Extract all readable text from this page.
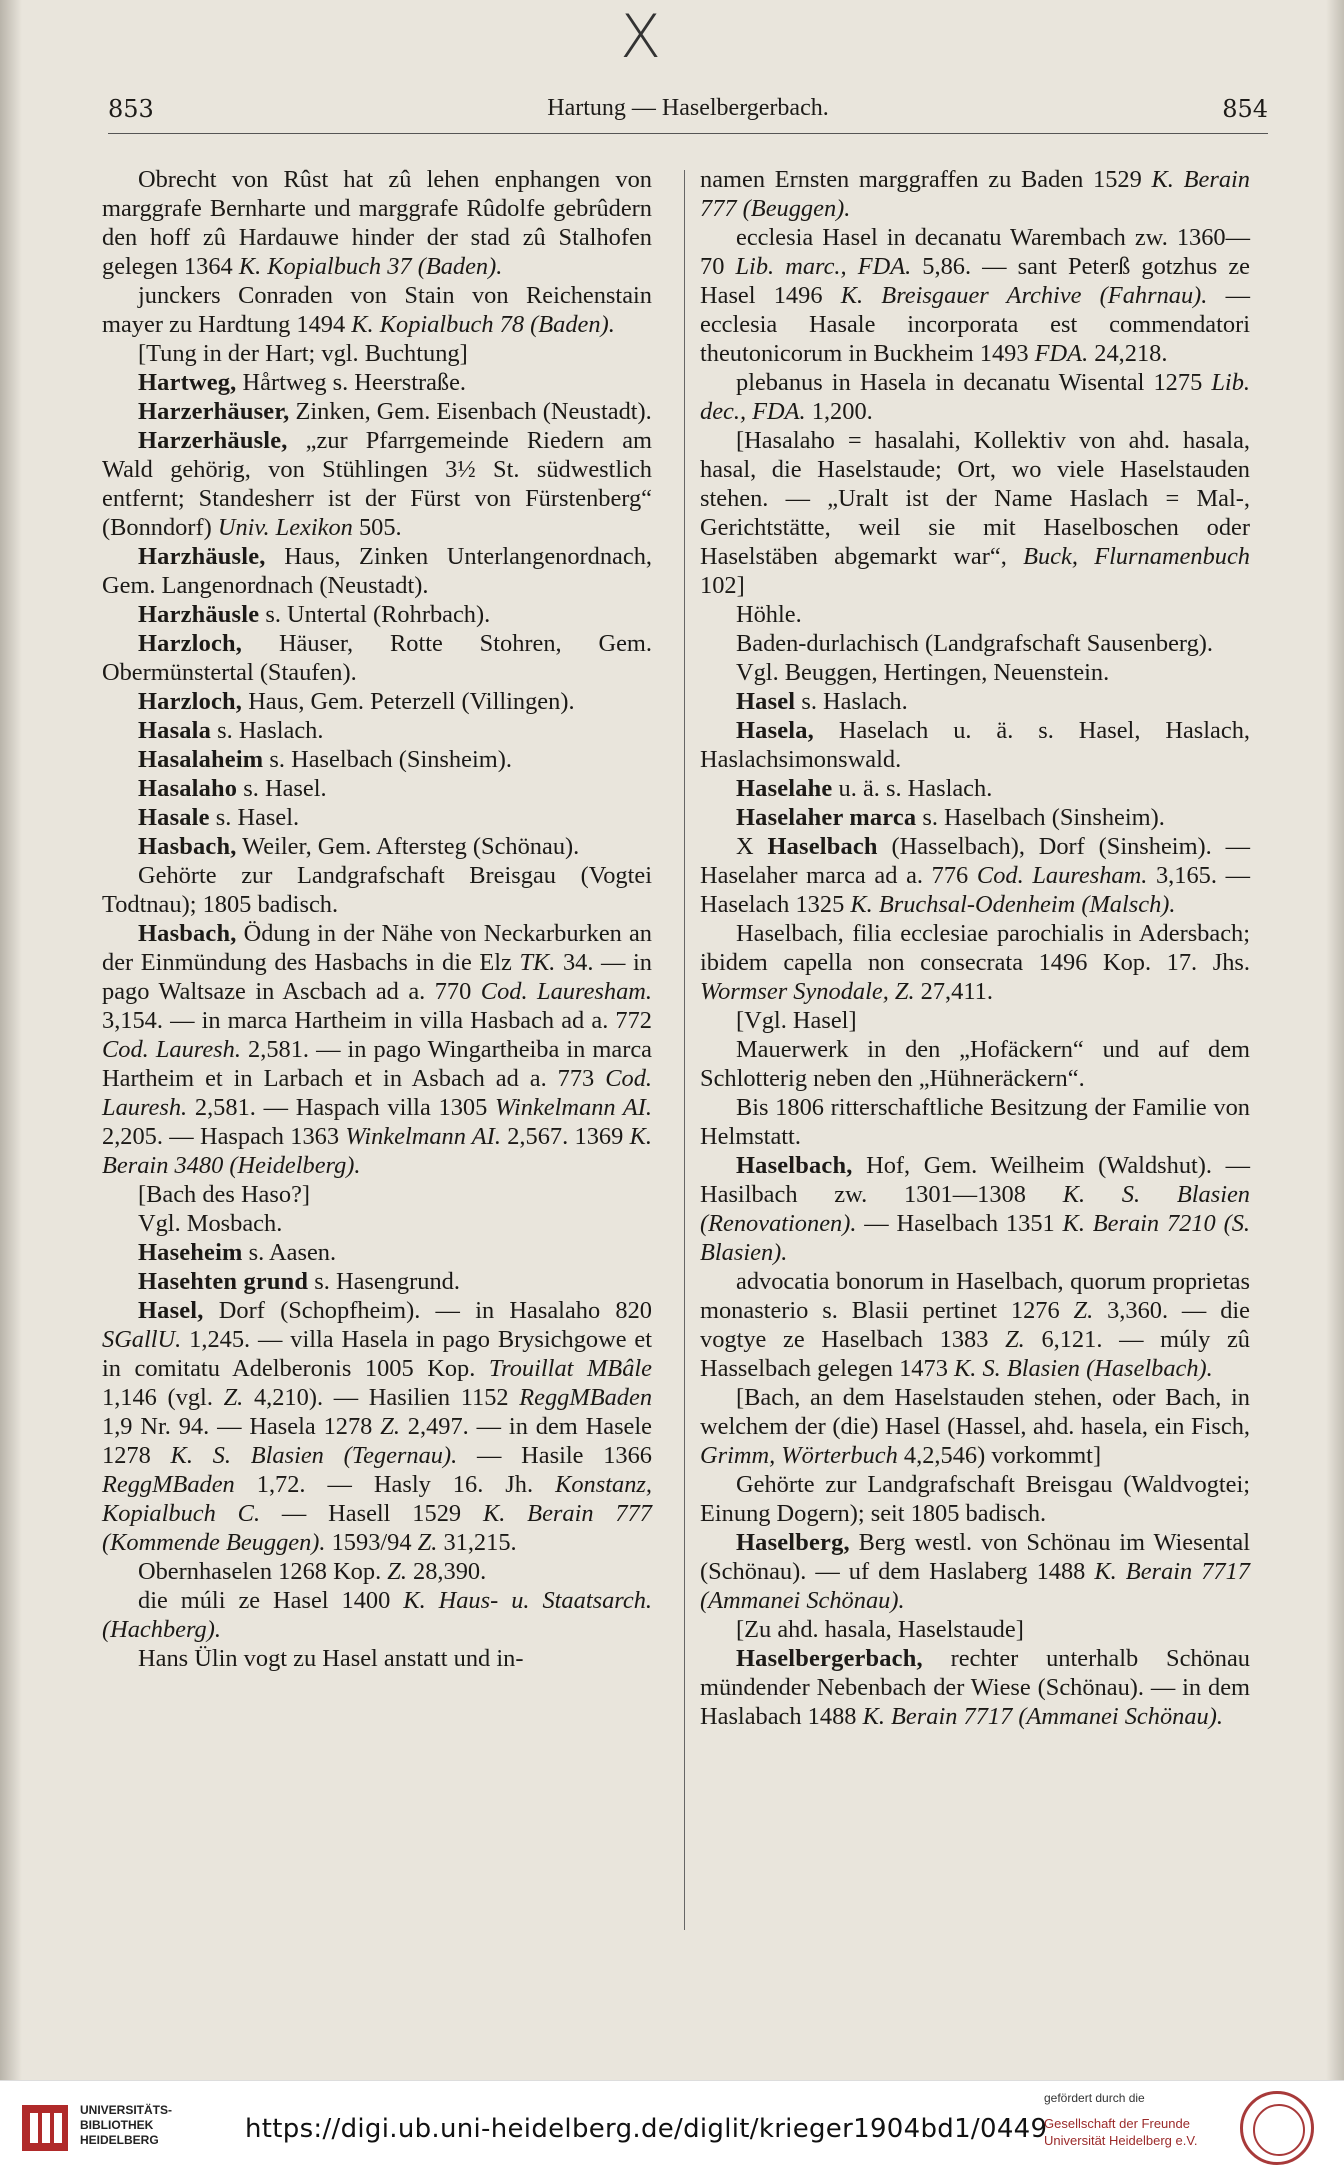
X
853	Hartung — Haselbergerbach.	854

Obrecht von Rûst hat zû lehen enphangen von marggrafe Bernharte und marggrafe Rûdolfe gebrûdern den hoff zû Hardauwe hinder der stad zû Stalhofen gelegen 1364 K. Kopialbuch 37 (Baden).

junckers Conraden von Stain von Reichenstain mayer zu Hardtung 1494 K. Kopialbuch 78 (Baden).

[Tung in der Hart; vgl. Buchtung]

Hartweg, Hårtweg s. Heerstraße.

Harzerhäuser, Zinken, Gem. Eisenbach (Neustadt).

Harzerhäusle, „zur Pfarrgemeinde Riedern am Wald gehörig, von Stühlingen 3½ St. südwestlich entfernt; Standesherr ist der Fürst von Fürstenberg“ (Bonndorf) Univ. Lexikon 505.

Harzhäusle, Haus, Zinken Unterlangenordnach, Gem. Langenordnach (Neustadt).

Harzhäusle s. Untertal (Rohrbach).

Harzloch, Häuser, Rotte Stohren, Gem. Obermünstertal (Staufen).

Harzloch, Haus, Gem. Peterzell (Villingen).

Hasala s. Haslach.

Hasalaheim s. Haselbach (Sinsheim).

Hasalaho s. Hasel.

Hasale s. Hasel.

Hasbach, Weiler, Gem. Aftersteg (Schönau).

Gehörte zur Landgrafschaft Breisgau (Vogtei Todtnau); 1805 badisch.

Hasbach, Ödung in der Nähe von Neckarburken an der Einmündung des Hasbachs in die Elz TK. 34. — in pago Waltsaze in Ascbach ad a. 770 Cod. Lauresham. 3,154. — in marca Hartheim in villa Hasbach ad a. 772 Cod. Lauresh. 2,581. — in pago Wingartheiba in marca Hartheim et in Larbach et in Asbach ad a. 773 Cod. Lauresh. 2,581. — Haspach villa 1305 Winkelmann AI. 2,205. — Haspach 1363 Winkelmann AI. 2,567. 1369 K. Berain 3480 (Heidelberg).

[Bach des Haso?]

Vgl. Mosbach.

Haseheim s. Aasen.

Hasehten grund s. Hasengrund.

Hasel, Dorf (Schopfheim). — in Hasalaho 820 SGallU. 1,245. — villa Hasela in pago Brysichgowe et in comitatu Adelberonis 1005 Kop. Trouillat MBâle 1,146 (vgl. Z. 4,210). — Hasilien 1152 ReggMBaden 1,9 Nr. 94. — Hasela 1278 Z. 2,497. — in dem Hasele 1278 K. S. Blasien (Tegernau). — Hasile 1366 ReggMBaden 1,72. — Hasly 16. Jh. Konstanz, Kopialbuch C. — Hasell 1529 K. Berain 777 (Kommende Beuggen). 1593/94 Z. 31,215.

Obernhaselen 1268 Kop. Z. 28,390.

die múli ze Hasel 1400 K. Haus- u. Staatsarch. (Hachberg).

Hans Ülin vogt zu Hasel anstatt und in-

namen Ernsten marggraffen zu Baden 1529 K. Berain 777 (Beuggen).

ecclesia Hasel in decanatu Warembach zw. 1360—70 Lib. marc., FDA. 5,86. — sant Peterß gotzhus ze Hasel 1496 K. Breisgauer Archive (Fahrnau). — ecclesia Hasale incorporata est commendatori theutonicorum in Buckheim 1493 FDA. 24,218.

plebanus in Hasela in decanatu Wisental 1275 Lib. dec., FDA. 1,200.

[Hasalaho = hasalahi, Kollektiv von ahd. hasala, hasal, die Haselstaude; Ort, wo viele Haselstauden stehen. — „Uralt ist der Name Haslach = Mal-, Gerichtstätte, weil sie mit Haselboschen oder Haselstäben abgemarkt war“, Buck, Flurnamenbuch 102]

Höhle.

Baden-durlachisch (Landgrafschaft Sausenberg).

Vgl. Beuggen, Hertingen, Neuenstein.

Hasel s. Haslach.

Hasela, Haselach u. ä. s. Hasel, Haslach, Haslachsimonswald.

Haselahe u. ä. s. Haslach.

Haselaher marca s. Haselbach (Sinsheim).

X Haselbach (Hasselbach), Dorf (Sinsheim). — Haselaher marca ad a. 776 Cod. Lauresham. 3,165. — Haselach 1325 K. Bruchsal-Odenheim (Malsch).

Haselbach, filia ecclesiae parochialis in Adersbach; ibidem capella non consecrata 1496 Kop. 17. Jhs. Wormser Synodale, Z. 27,411.

[Vgl. Hasel]

Mauerwerk in den „Hofäckern“ und auf dem Schlotterig neben den „Hühneräckern“.

Bis 1806 ritterschaftliche Besitzung der Familie von Helmstatt.

Haselbach, Hof, Gem. Weilheim (Waldshut). — Hasilbach zw. 1301—1308 K. S. Blasien (Renovationen). — Haselbach 1351 K. Berain 7210 (S. Blasien).

advocatia bonorum in Haselbach, quorum proprietas monasterio s. Blasii pertinet 1276 Z. 3,360. — die vogtye ze Haselbach 1383 Z. 6,121. — múly zû Hasselbach gelegen 1473 K. S. Blasien (Haselbach).

[Bach, an dem Haselstauden stehen, oder Bach, in welchem der (die) Hasel (Hassel, ahd. hasela, ein Fisch, Grimm, Wörterbuch 4,2,546) vorkommt]

Gehörte zur Landgrafschaft Breisgau (Waldvogtei; Einung Dogern); seit 1805 badisch.

Haselberg, Berg westl. von Schönau im Wiesental (Schönau). — uf dem Haslaberg 1488 K. Berain 7717 (Ammanei Schönau).

[Zu ahd. hasala, Haselstaude]

Haselbergerbach, rechter unterhalb Schönau mündender Nebenbach der Wiese (Schönau). — in dem Haslabach 1488 K. Berain 7717 (Ammanei Schönau).

UNIVERSITÄTS-
BIBLIOTHEK
HEIDELBERG	https://digi.ub.uni-heidelberg.de/diglit/krieger1904bd1/0449
gefördert durch die
Gesellschaft der Freunde
Universität Heidelberg e.V.
